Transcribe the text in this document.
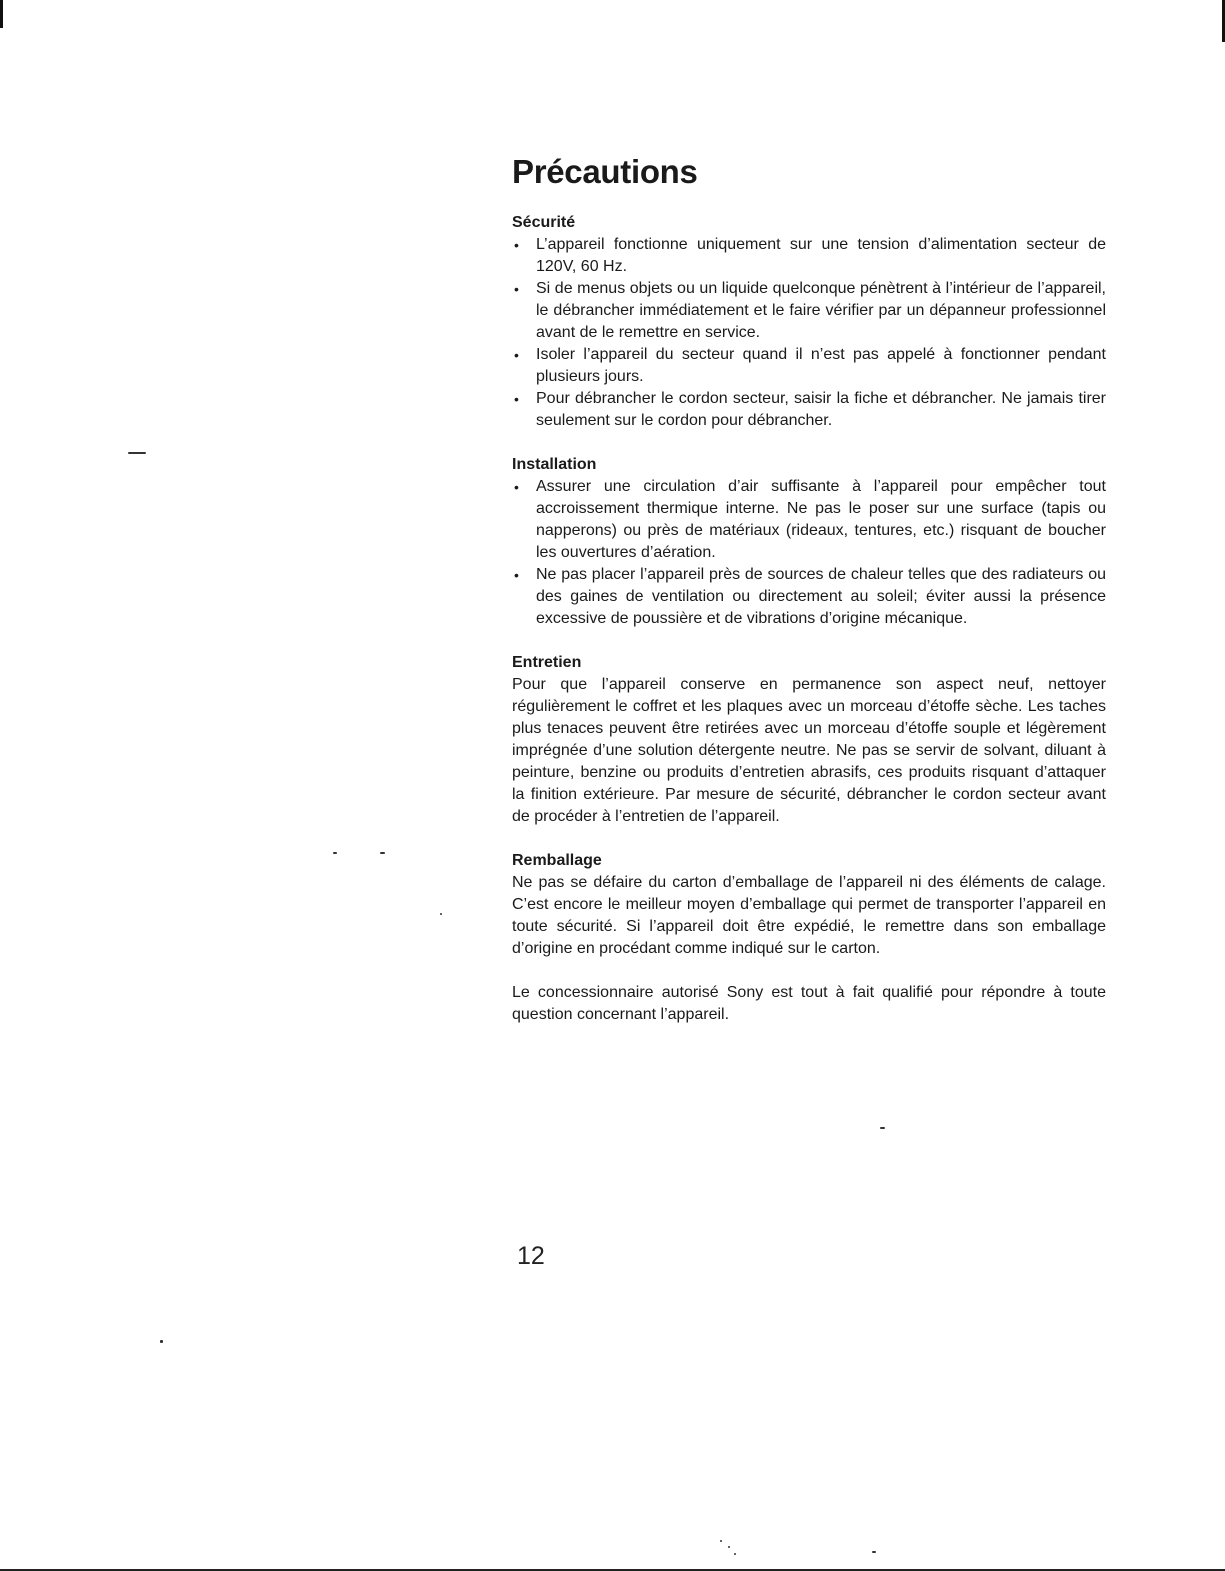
Précautions
Sécurité
• L’appareil fonctionne uniquement sur une tension d’alimentation secteur de 120V, 60 Hz.
• Si de menus objets ou un liquide quelconque pénètrent à l’intérieur de l’appareil, le débrancher immédiatement et le faire vérifier par un dépanneur professionnel avant de le remettre en service.
• Isoler l’appareil du secteur quand il n’est pas appelé à fonctionner pendant plusieurs jours.
• Pour débrancher le cordon secteur, saisir la fiche et débrancher. Ne jamais tirer seulement sur le cordon pour débrancher.
Installation
• Assurer une circulation d’air suffisante à l’appareil pour empêcher tout accroissement thermique interne. Ne pas le poser sur une surface (tapis ou napperons) ou près de matériaux (rideaux, tentures, etc.) risquant de boucher les ouvertures d’aération.
• Ne pas placer l’appareil près de sources de chaleur telles que des radiateurs ou des gaines de ventilation ou directement au soleil; éviter aussi la présence excessive de poussière et de vibrations d’origine mécanique.
Entretien

Pour que l’appareil conserve en permanence son aspect neuf, nettoyer régulièrement le coffret et les plaques avec un morceau d’étoffe sèche. Les taches plus tenaces peuvent être retirées avec un morceau d’étoffe souple et légèrement imprégnée d’une solution détergente neutre. Ne pas se servir de solvant, diluant à peinture, benzine ou produits d’entretien abrasifs, ces produits risquant d’attaquer la finition extérieure. Par mesure de sécurité, débrancher le cordon secteur avant de procéder à l’entretien de l’appareil.

Remballage

Ne pas se défaire du carton d’emballage de l’appareil ni des éléments de calage. C’est encore le meilleur moyen d’emballage qui permet de transporter l’appareil en toute sécurité. Si l’appareil doit être expédié, le remettre dans son emballage d’origine en procédant comme indiqué sur le carton.

Le concessionnaire autorisé Sony est tout à fait qualifié pour répondre à toute question concernant l’appareil.

12
